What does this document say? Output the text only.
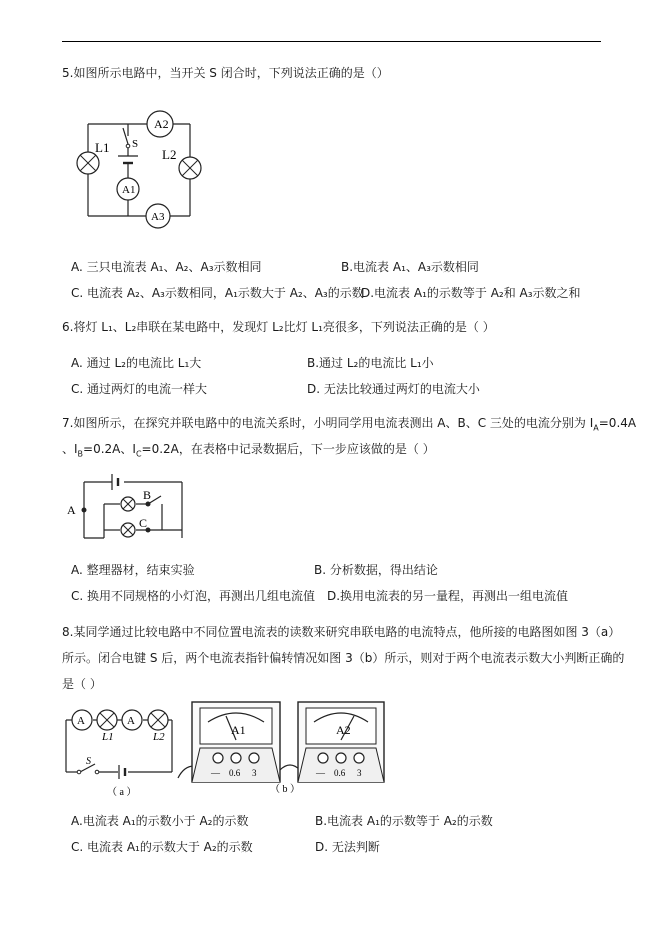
5.如图所示电路中，当开关 S 闭合时，下列说法正确的是（）
A2
A1
A3
L1	L2
S
A. 三只电流表 A₁、A₂、A₃示数相同	B.电流表 A₁、A₃示数相同
C. 电流表 A₂、A₃示数相同，A₁示数大于 A₂、A₃的示数
D.电流表 A₁的示数等于 A₂和 A₃示数之和
6.将灯 L₁、L₂串联在某电路中，发现灯 L₂比灯 L₁亮很多，下列说法正确的是（ ）
A. 通过 L₂的电流比 L₁大	B.通过 L₂的电流比 L₁小
C. 通过两灯的电流一样大	D. 无法比较通过两灯的电流大小
7.如图所示，在探究并联电路中的电流关系时，小明同学用电流表测出 A、B、C 三处的电流分别为 $I_A=0.4A$
、$I_B=0.2A$、$I_C=0.2A$，在表格中记录数据后，下一步应该做的是（ ）
A
B
C
A. 整理器材，结束实验	B. 分析数据，得出结论
C. 换用不同规格的小灯泡，再测出几组电流值 D.换用电流表的另一量程，再测出一组电流值
8.某同学通过比较电路中不同位置电流表的读数来研究串联电路的电流特点，他所接的电路图如图 3（a）
所示。闭合电键 S 后，两个电流表指针偏转情况如图 3（b）所示，则对于两个电流表示数大小判断正确的
是（ ）
A	A
L1	L2
S
（ a ）
A1
— 0.6 3
A2
— 0.6 3
（ b ）
A.电流表 A₁的示数小于 A₂的示数	B.电流表 A₁的示数等于 A₂的示数
C. 电流表 A₁的示数大于 A₂的示数	D. 无法判断
